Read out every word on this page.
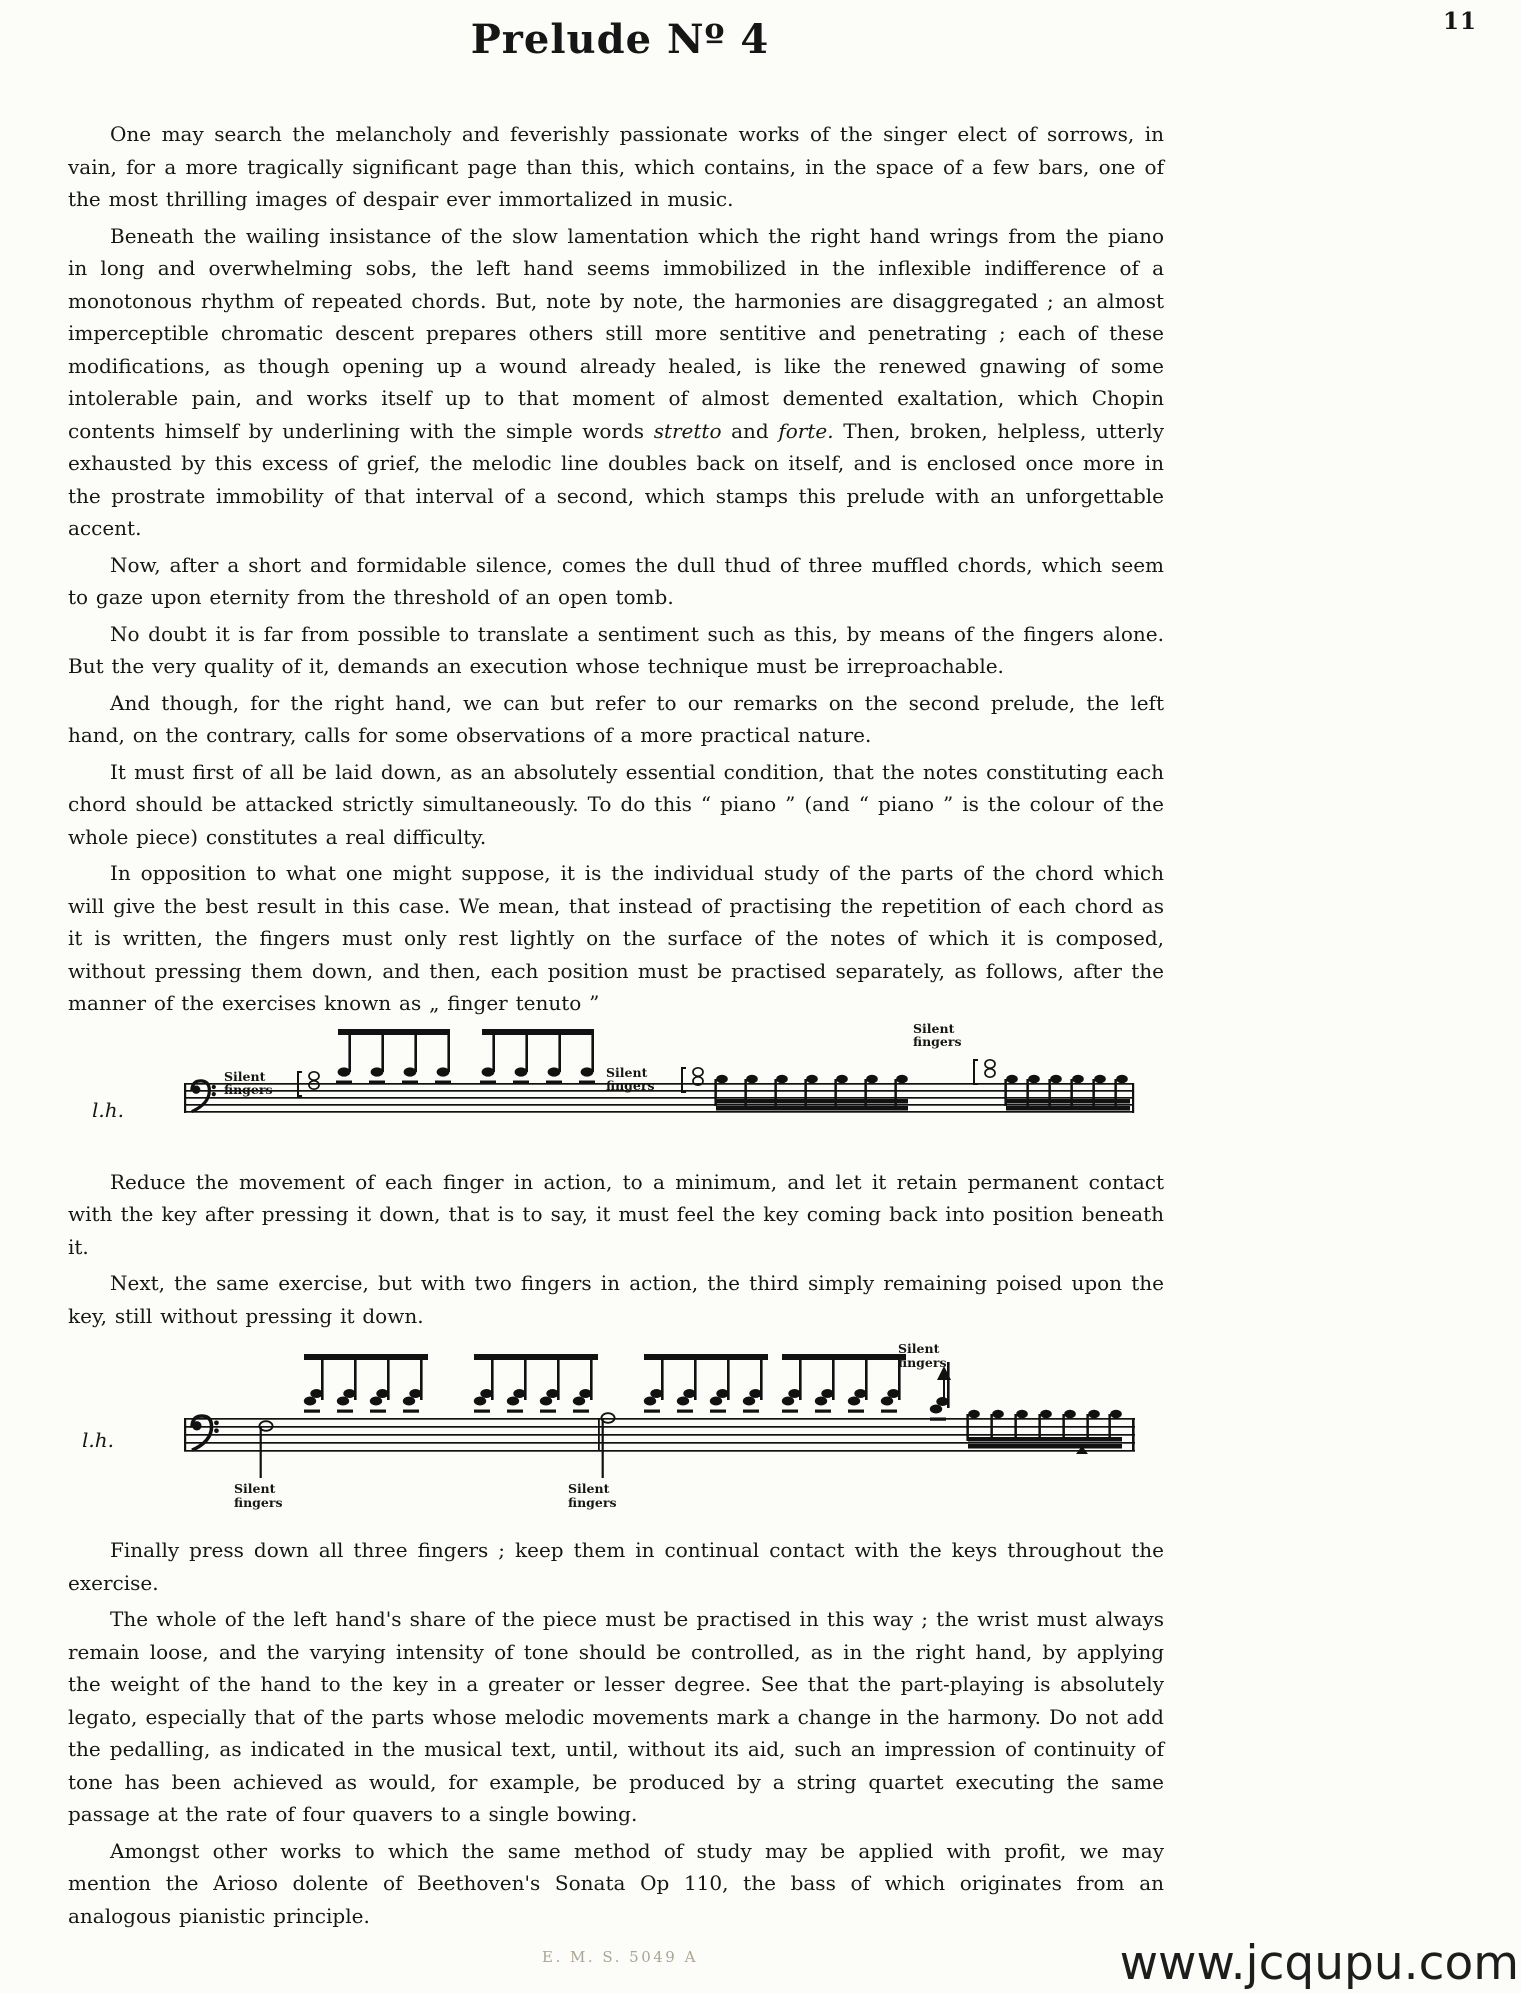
11
Prelude Nº 4

One may search the melancholy and feverishly passionate works of the singer elect of sorrows, in vain, for a more tragically significant page than this, which contains, in the space of a few bars, one of the most thrilling images of despair ever immortalized in music.

Beneath the wailing insistance of the slow lamentation which the right hand wrings from the piano in long and overwhelming sobs, the left hand seems immobilized in the inflexible indifference of a monotonous rhythm of repeated chords. But, note by note, the harmonies are disaggregated ; an almost imperceptible chromatic descent prepares others still more sentitive and penetrating ; each of these modifications, as though opening up a wound already healed, is like the renewed gnawing of some intolerable pain, and works itself up to that moment of almost demented exaltation, which Chopin contents himself by underlining with the simple words stretto and forte. Then, broken, helpless, utterly exhausted by this excess of grief, the melodic line doubles back on itself, and is enclosed once more in the prostrate immobility of that interval of a second, which stamps this prelude with an unforgettable accent.

Now, after a short and formidable silence, comes the dull thud of three muffled chords, which seem to gaze upon eternity from the threshold of an open tomb.

No doubt it is far from possible to translate a sentiment such as this, by means of the fingers alone. But the very quality of it, demands an execution whose technique must be irreproachable.

And though, for the right hand, we can but refer to our remarks on the second prelude, the left hand, on the contrary, calls for some observations of a more practical nature.

It must first of all be laid down, as an absolutely essential condition, that the notes constituting each chord should be attacked strictly simultaneously. To do this “ piano ” (and “ piano ” is the colour of the whole piece) constitutes a real difficulty.

In opposition to what one might suppose, it is the individual study of the parts of the chord which will give the best result in this case. We mean, that instead of practising the repetition of each chord as it is written, the fingers must only rest lightly on the surface of the notes of which it is composed, without pressing them down, and then, each position must be practised separately, as follows, after the manner of the exercises known as „ finger tenuto ”

l.h.
Silent
fingers
Silent
fingers
Silent
fingers

Reduce the movement of each finger in action, to a minimum, and let it retain permanent contact with the key after pressing it down, that is to say, it must feel the key coming back into position beneath it.

Next, the same exercise, but with two fingers in action, the third simply remaining poised upon the key, still without pressing it down.

l.h.
Silent
fingers
Silent
fingers
Silent
fingers

Finally press down all three fingers ; keep them in continual contact with the keys throughout the exercise.

The whole of the left hand's share of the piece must be practised in this way ; the wrist must always remain loose, and the varying intensity of tone should be controlled, as in the right hand, by applying the weight of the hand to the key in a greater or lesser degree. See that the part-playing is absolutely legato, especially that of the parts whose melodic movements mark a change in the harmony. Do not add the pedalling, as indicated in the musical text, until, without its aid, such an impression of continuity of tone has been achieved as would, for example, be produced by a string quartet executing the same passage at the rate of four quavers to a single bowing.

Amongst other works to which the same method of study may be applied with profit, we may mention the Arioso dolente of Beethoven's Sonata Op 110, the bass of which originates from an analogous pianistic principle.

E. M. S. 5049 A	www.jcqupu.com
